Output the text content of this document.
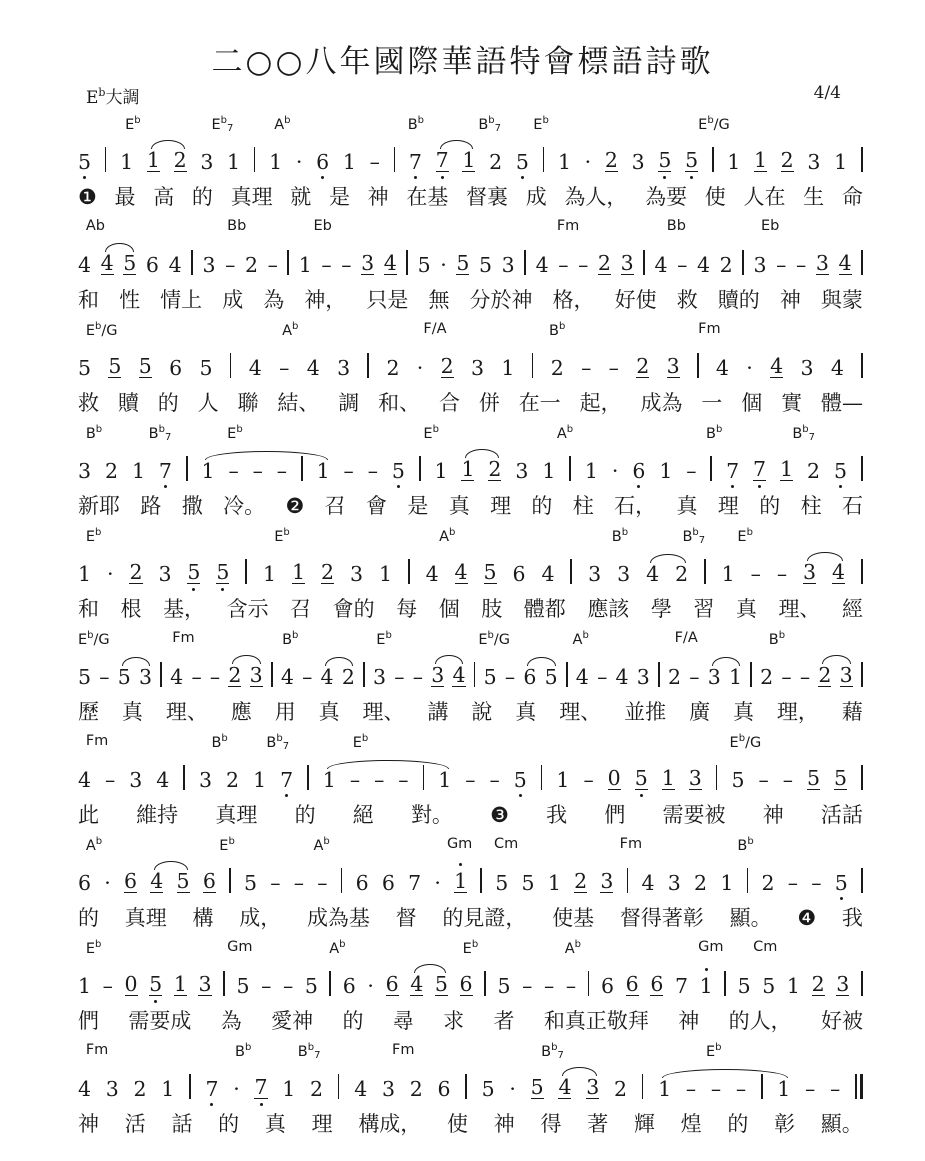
二○○八年國際華語特會標語詩歌
$E^b$大調	4/4
$E^b$	$E^b7$	$A^b$	$B^b$	$B^b7$ $E^b$	$E^b/G$
5 1 1 2 3 1 1 · 6 1 – 7 7 1 2 5 1 · 2 3 5 5 1 1 2 3 1
❶ 最 高 的 真理 就 是 神 在基 督裏 成 為人， 為要 使 人在 生 命
Ab	Bb	Eb	Fm	Bb	Eb
4 4 5 6 4 3 – 2 – 1 – – 3 4 5 · 5 5 3 4 – – 2 3 4 – 4 2 3 – – 3 4
和 性 情上 成 為 神， 只是 無 分於神 格， 好使 救 贖的 神 與蒙
$E^b/G$	$A^b$	F/A	$B^b$	Fm
5 5 5 6 5 4 – 4 3 2 · 2 3 1 2 – – 2 3 4 · 4 3 4
救 贖 的 人 聯 結、 調 和、 合 併 在一 起， 成為 一 個 實 體—
$B^b$	$B^b7$	$E^b$	$E^b$	$A^b$	$B^b$	$B^b7$
3 2 1 7 1 – – – 1 – – 5 1 1 2 3 1 1 · 6 1 – 7 7 1 2 5
新耶 路 撒 冷。 ❷ 召 會 是 真 理 的 柱 石， 真 理 的 柱 石
$E^b$	$E^b$	$A^b$	$B^b$	$B^b7$ $E^b$
1 · 2 3 5 5 1 1 2 3 1 4 4 5 6 4 3 3 4 2 1 – – 3 4
和 根 基， 含示 召 會的 每 個 肢 體都 應該 學 習 真 理、 經
$E^b/G$	Fm	$B^b$	$E^b$	$E^b/G$	$A^b$	F/A	$B^b$
5 – 5 3 4 – – 2 3 4 – 4 2 3 – – 3 4 5 – 6 5 4 – 4 3 2 – 3 1 2 – – 2 3
歷 真 理、 應 用 真 理、 講 說 真 理、 並推 廣 真 理， 藉
Fm	$B^b$	$B^b7$	$E^b$	$E^b/G$
4 – 3 4 3 2 1 7 1 – – – 1 – – 5 1 – 0 5 1 3 5 – – 5 5
此 維持 真理 的 絕 對。 ❸ 我 們 需要被 神 活話
$A^b$	$E^b$	$A^b$	Gm Cm	Fm	$B^b$
6 · 6 4 5 6 5 – – – 6 6 7 · 1 5 5 1 2 3 4 3 2 1 2 – – 5
的 真理 構 成， 成為基 督 的見證， 使基 督得著彰 顯。 ❹ 我
$E^b$	Gm	$A^b$	$E^b$	$A^b$	Gm Cm
1 – 0 5 1 3 5 – – 5 6 · 6 4 5 6 5 – – – 6 6 6 7 1 5 5 1 2 3
們 需要成 為 愛神 的 尋 求 者 和真正敬拜 神 的人， 好被
Fm	$B^b$	$B^b7$	Fm	$B^b7$	$E^b$
4 3 2 1 7 · 7 1 2 4 3 2 6 5 · 5 4 3 2 1 – – – 1 – –
神 活 話 的 真 理 構成， 使 神 得 著 輝 煌 的 彰 顯。
